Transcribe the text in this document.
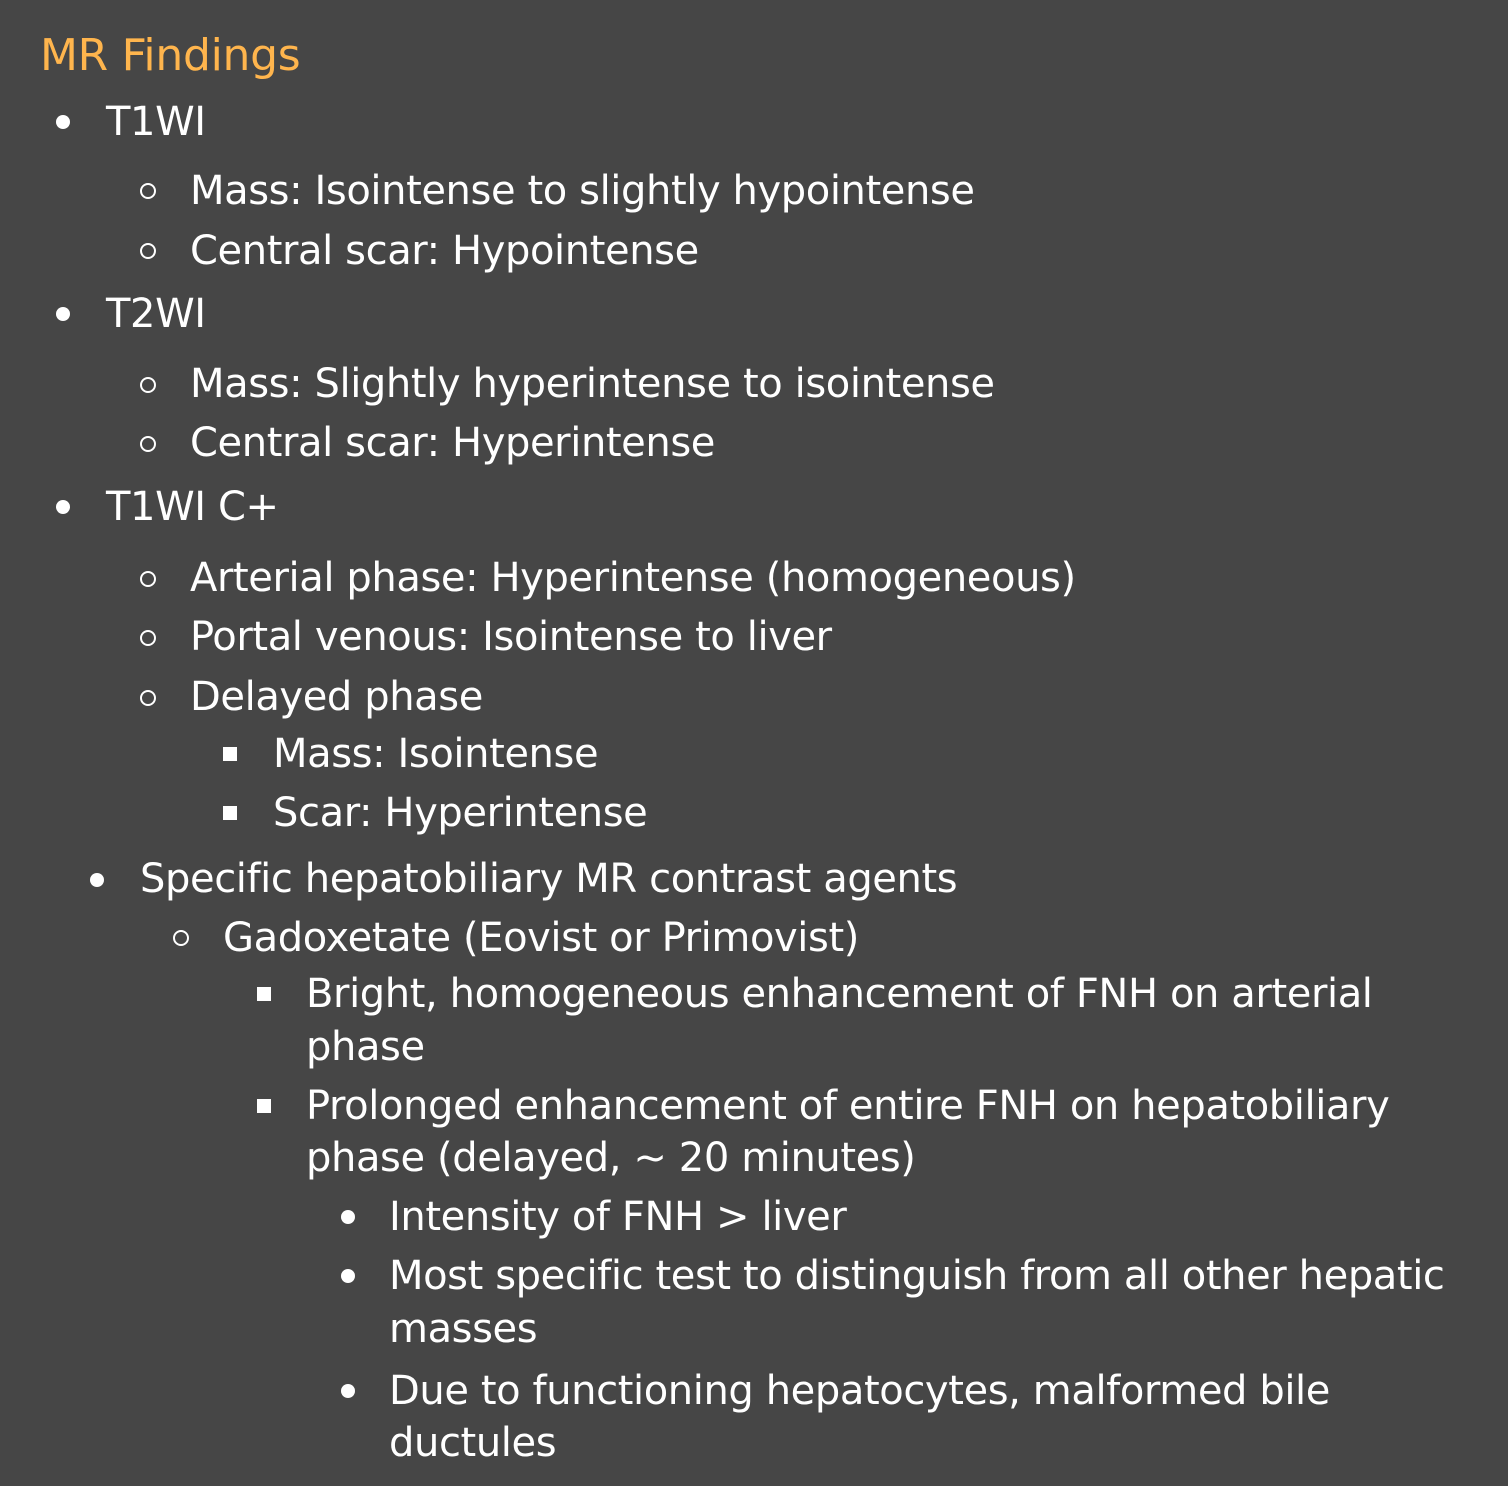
MR Findings
T1WI
Mass: Isointense to slightly hypointense
Central scar: Hypointense
T2WI
Mass: Slightly hyperintense to isointense
Central scar: Hyperintense
T1WI C+
Arterial phase: Hyperintense (homogeneous)
Portal venous: Isointense to liver
Delayed phase
Mass: Isointense
Scar: Hyperintense
Specific hepatobiliary MR contrast agents
Gadoxetate (Eovist or Primovist)
Bright, homogeneous enhancement of FNH on arterial
phase
Prolonged enhancement of entire FNH on hepatobiliary
phase (delayed, ~ 20 minutes)
Intensity of FNH > liver
Most specific test to distinguish from all other hepatic
masses
Due to functioning hepatocytes, malformed bile
ductules
